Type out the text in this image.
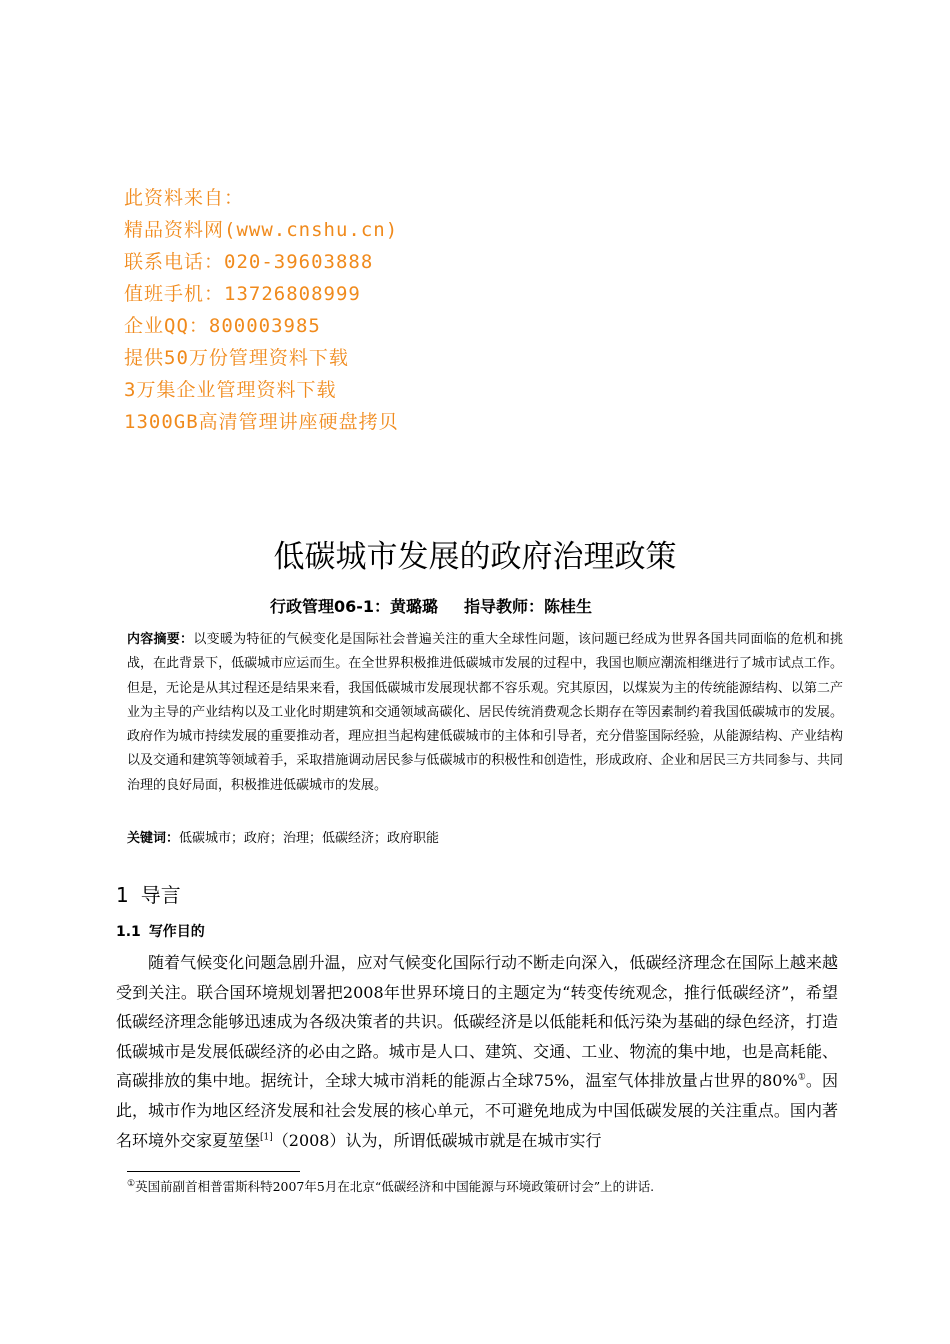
此资料来自：
精品资料网(www.cnshu.cn)
联系电话：020-39603888
值班手机：13726808999
企业QQ：800003985
提供50万份管理资料下载
3万集企业管理资料下载
1300GB高清管理讲座硬盘拷贝
低碳城市发展的政府治理政策
行政管理06-1：黄璐璐 指导教师：陈桂生
内容摘要：以变暖为特征的气候变化是国际社会普遍关注的重大全球性问题，该问题已经成为世界各国共同面临的危机和挑战，在此背景下，低碳城市应运而生。在全世界积极推进低碳城市发展的过程中，我国也顺应潮流相继进行了城市试点工作。但是，无论是从其过程还是结果来看，我国低碳城市发展现状都不容乐观。究其原因，以煤炭为主的传统能源结构、以第二产业为主导的产业结构以及工业化时期建筑和交通领域高碳化、居民传统消费观念长期存在等因素制约着我国低碳城市的发展。政府作为城市持续发展的重要推动者，理应担当起构建低碳城市的主体和引导者，充分借鉴国际经验，从能源结构、产业结构以及交通和建筑等领域着手，采取措施调动居民参与低碳城市的积极性和创造性，形成政府、企业和居民三方共同参与、共同治理的良好局面，积极推进低碳城市的发展。
关键词：低碳城市；政府；治理；低碳经济；政府职能
1 导言
1.1 写作目的
随着气候变化问题急剧升温，应对气候变化国际行动不断走向深入，低碳经济理念在国际上越来越受到关注。联合国环境规划署把2008年世界环境日的主题定为“转变传统观念，推行低碳经济”，希望低碳经济理念能够迅速成为各级决策者的共识。低碳经济是以低能耗和低污染为基础的绿色经济，打造低碳城市是发展低碳经济的必由之路。城市是人口、建筑、交通、工业、物流的集中地，也是高耗能、高碳排放的集中地。据统计，全球大城市消耗的能源占全球75%，温室气体排放量占世界的80%①。因此，城市作为地区经济发展和社会发展的核心单元，不可避免地成为中国低碳发展的关注重点。国内著名环境外交家夏堃堡[1]（2008）认为，所谓低碳城市就是在城市实行
①英国前副首相普雷斯科特2007年5月在北京“低碳经济和中国能源与环境政策研讨会”上的讲话.
